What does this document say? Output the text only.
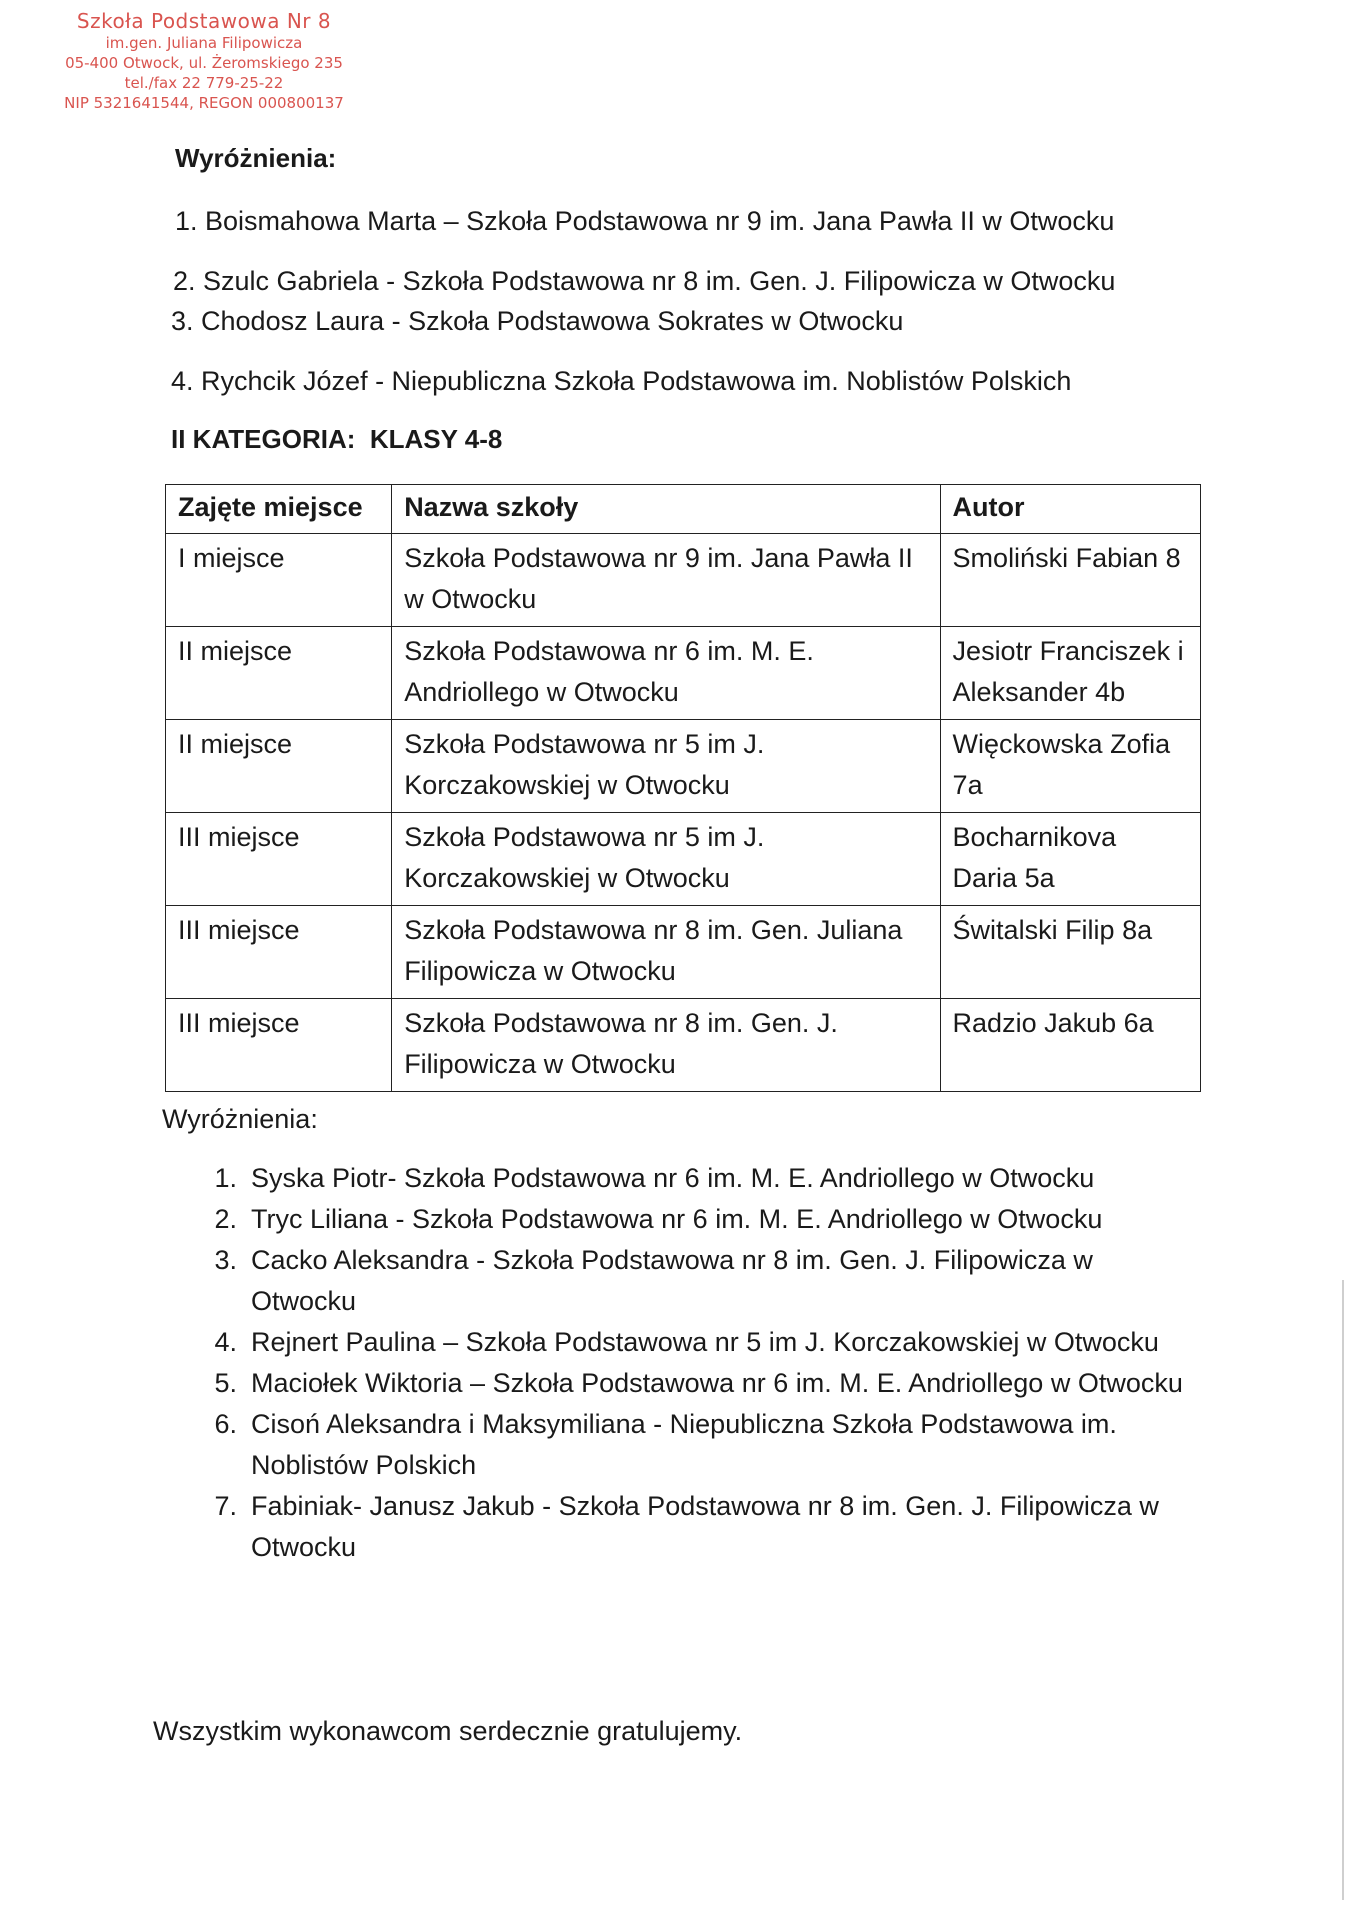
Szkoła Podstawowa Nr 8
im.gen. Juliana Filipowicza
05-400 Otwock, ul. Żeromskiego 235
tel./fax 22 779-25-22
NIP 5321641544, REGON 000800137
Wyróżnienia:
1. Boismahowa Marta – Szkoła Podstawowa nr 9 im. Jana Pawła II w Otwocku
2. Szulc Gabriela - Szkoła Podstawowa nr 8 im. Gen. J. Filipowicza w Otwocku
3. Chodosz Laura - Szkoła Podstawowa Sokrates w Otwocku
4. Rychcik Józef - Niepubliczna Szkoła Podstawowa im. Noblistów Polskich
II KATEGORIA: KLASY 4-8
Zajęte miejsce	Nazwa szkoły	Autor
I miejsce	Szkoła Podstawowa nr 9 im. Jana Pawła II w Otwocku	Smoliński Fabian 8
II miejsce	Szkoła Podstawowa nr 6 im. M. E. Andriollego w Otwocku	Jesiotr Franciszek i Aleksander 4b
II miejsce	Szkoła Podstawowa nr 5 im J. Korczakowskiej w Otwocku	Więckowska Zofia 7a
III miejsce	Szkoła Podstawowa nr 5 im J. Korczakowskiej w Otwocku	Bocharnikova Daria 5a
III miejsce	Szkoła Podstawowa nr 8 im. Gen. Juliana Filipowicza w Otwocku	Świtalski Filip 8a
III miejsce	Szkoła Podstawowa nr 8 im. Gen. J. Filipowicza w Otwocku	Radzio Jakub 6a
Wyróżnienia:
1. Syska Piotr- Szkoła Podstawowa nr 6 im. M. E. Andriollego w Otwocku
2. Tryc Liliana - Szkoła Podstawowa nr 6 im. M. E. Andriollego w Otwocku
3. Cacko Aleksandra - Szkoła Podstawowa nr 8 im. Gen. J. Filipowicza w Otwocku
4. Rejnert Paulina – Szkoła Podstawowa nr 5 im J. Korczakowskiej w Otwocku
5. Maciołek Wiktoria – Szkoła Podstawowa nr 6 im. M. E. Andriollego w Otwocku
6. Cisoń Aleksandra i Maksymiliana - Niepubliczna Szkoła Podstawowa im. Noblistów Polskich
7. Fabiniak- Janusz Jakub - Szkoła Podstawowa nr 8 im. Gen. J. Filipowicza w Otwocku
Wszystkim wykonawcom serdecznie gratulujemy.
